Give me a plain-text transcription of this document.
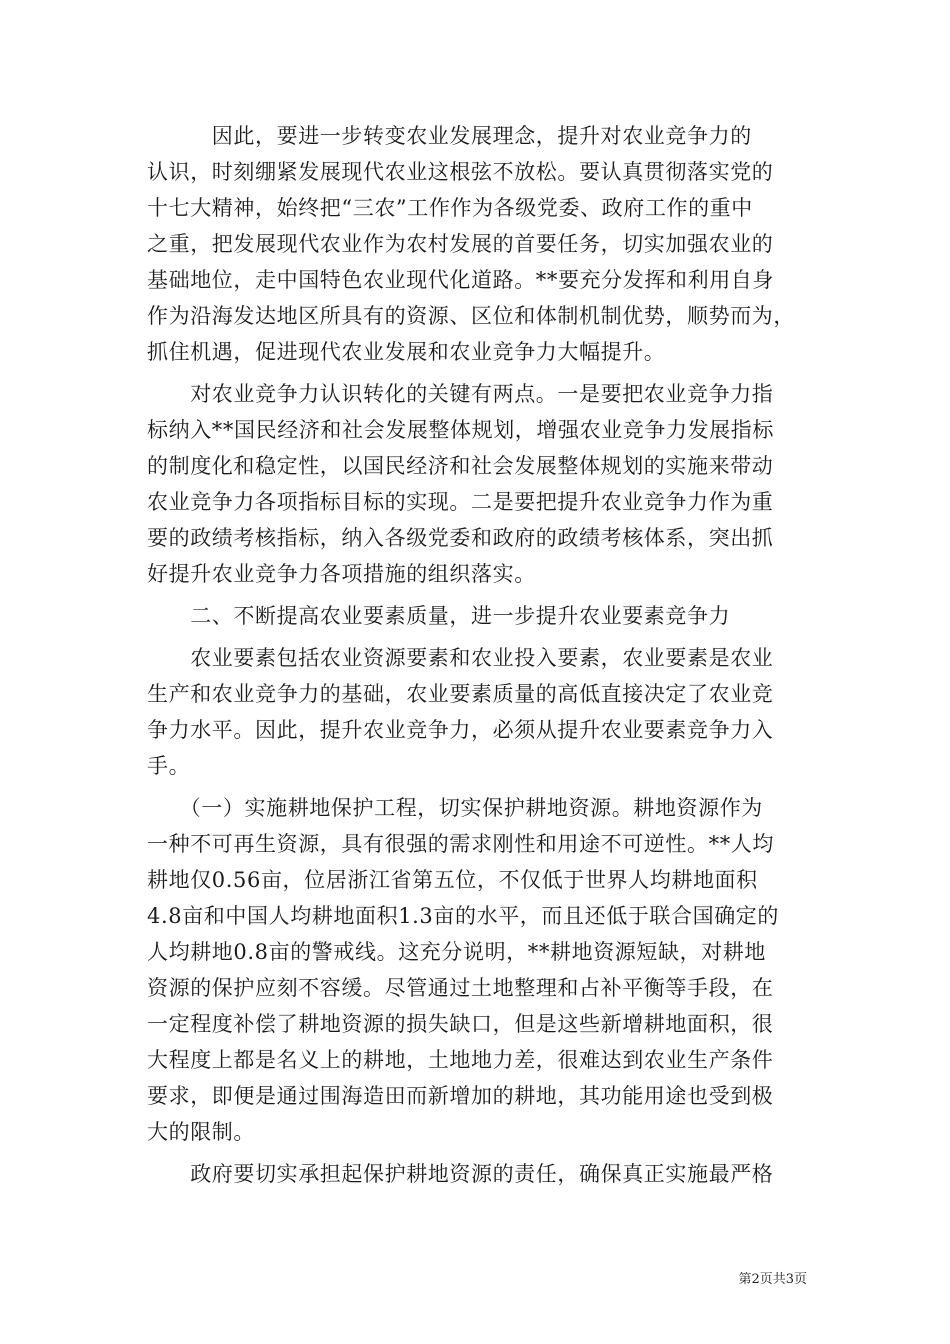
　　　因此，要进一步转变农业发展理念，提升对农业竞争力的
认识，时刻绷紧发展现代农业这根弦不放松。要认真贯彻落实党的
十七大精神，始终把“三农”工作作为各级党委、政府工作的重中
之重，把发展现代农业作为农村发展的首要任务，切实加强农业的
基础地位，走中国特色农业现代化道路。**要充分发挥和利用自身
作为沿海发达地区所具有的资源、区位和体制机制优势，顺势而为，
抓住机遇，促进现代农业发展和农业竞争力大幅提升。
　　对农业竞争力认识转化的关键有两点。一是要把农业竞争力指
标纳入**国民经济和社会发展整体规划，增强农业竞争力发展指标
的制度化和稳定性，以国民经济和社会发展整体规划的实施来带动
农业竞争力各项指标目标的实现。二是要把提升农业竞争力作为重
要的政绩考核指标，纳入各级党委和政府的政绩考核体系，突出抓
好提升农业竞争力各项措施的组织落实。
　　二、不断提高农业要素质量，进一步提升农业要素竞争力
　　农业要素包括农业资源要素和农业投入要素，农业要素是农业
生产和农业竞争力的基础，农业要素质量的高低直接决定了农业竞
争力水平。因此，提升农业竞争力，必须从提升农业要素竞争力入
手。
　　（一）实施耕地保护工程，切实保护耕地资源。耕地资源作为
一种不可再生资源，具有很强的需求刚性和用途不可逆性。**人均
耕地仅0.56亩，位居浙江省第五位，不仅低于世界人均耕地面积
4.8亩和中国人均耕地面积1.3亩的水平，而且还低于联合国确定的
人均耕地0.8亩的警戒线。这充分说明，**耕地资源短缺，对耕地
资源的保护应刻不容缓。尽管通过土地整理和占补平衡等手段，在
一定程度补偿了耕地资源的损失缺口，但是这些新增耕地面积，很
大程度上都是名义上的耕地，土地地力差，很难达到农业生产条件
要求，即便是通过围海造田而新增加的耕地，其功能用途也受到极
大的限制。
　　政府要切实承担起保护耕地资源的责任，确保真正实施最严格
第2页共3页
